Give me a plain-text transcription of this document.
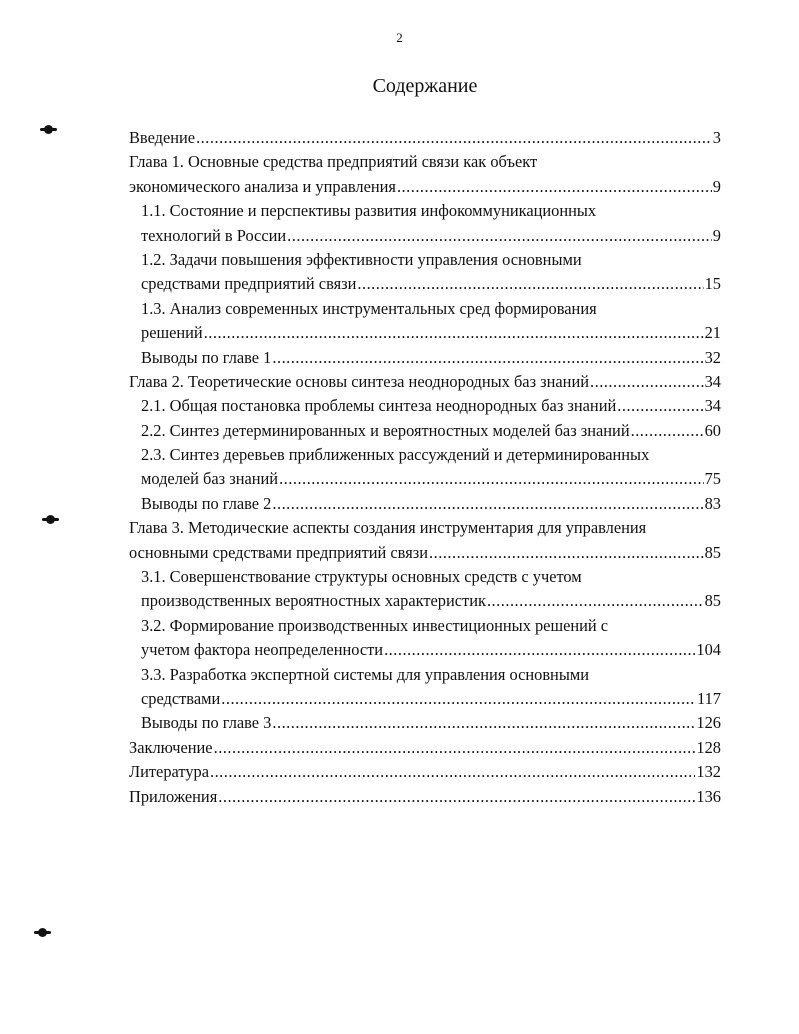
2
Содержание
Введение .....	3
Глава 1. Основные средства предприятий связи как объект
экономического анализа и управления .....	9
1.1. Состояние и перспективы развития инфокоммуникационных
технологий в России .....	9
1.2. Задачи повышения эффективности управления основными
средствами предприятий связи .....	15
1.3. Анализ современных инструментальных сред формирования
решений .....	21
Выводы по главе 1 .....	32
Глава 2. Теоретические основы синтеза неоднородных баз знаний .....	34
2.1. Общая постановка проблемы синтеза неоднородных баз знаний .....	34
2.2. Синтез детерминированных и вероятностных моделей баз знаний .....	60
2.3. Синтез деревьев приближенных рассуждений и детерминированных
моделей баз знаний .....	75
Выводы по главе 2 .....	83
Глава 3. Методические аспекты создания инструментария для управления
основными средствами предприятий связи .....	85
3.1. Совершенствование структуры основных средств с учетом
производственных вероятностных характеристик .....	85
3.2. Формирование производственных инвестиционных решений с
учетом фактора неопределенности .....	104
3.3. Разработка экспертной системы для управления основными
средствами .....	117
Выводы по главе 3 .....	126
Заключение .....	128
Литература .....	132
Приложения .....	136
